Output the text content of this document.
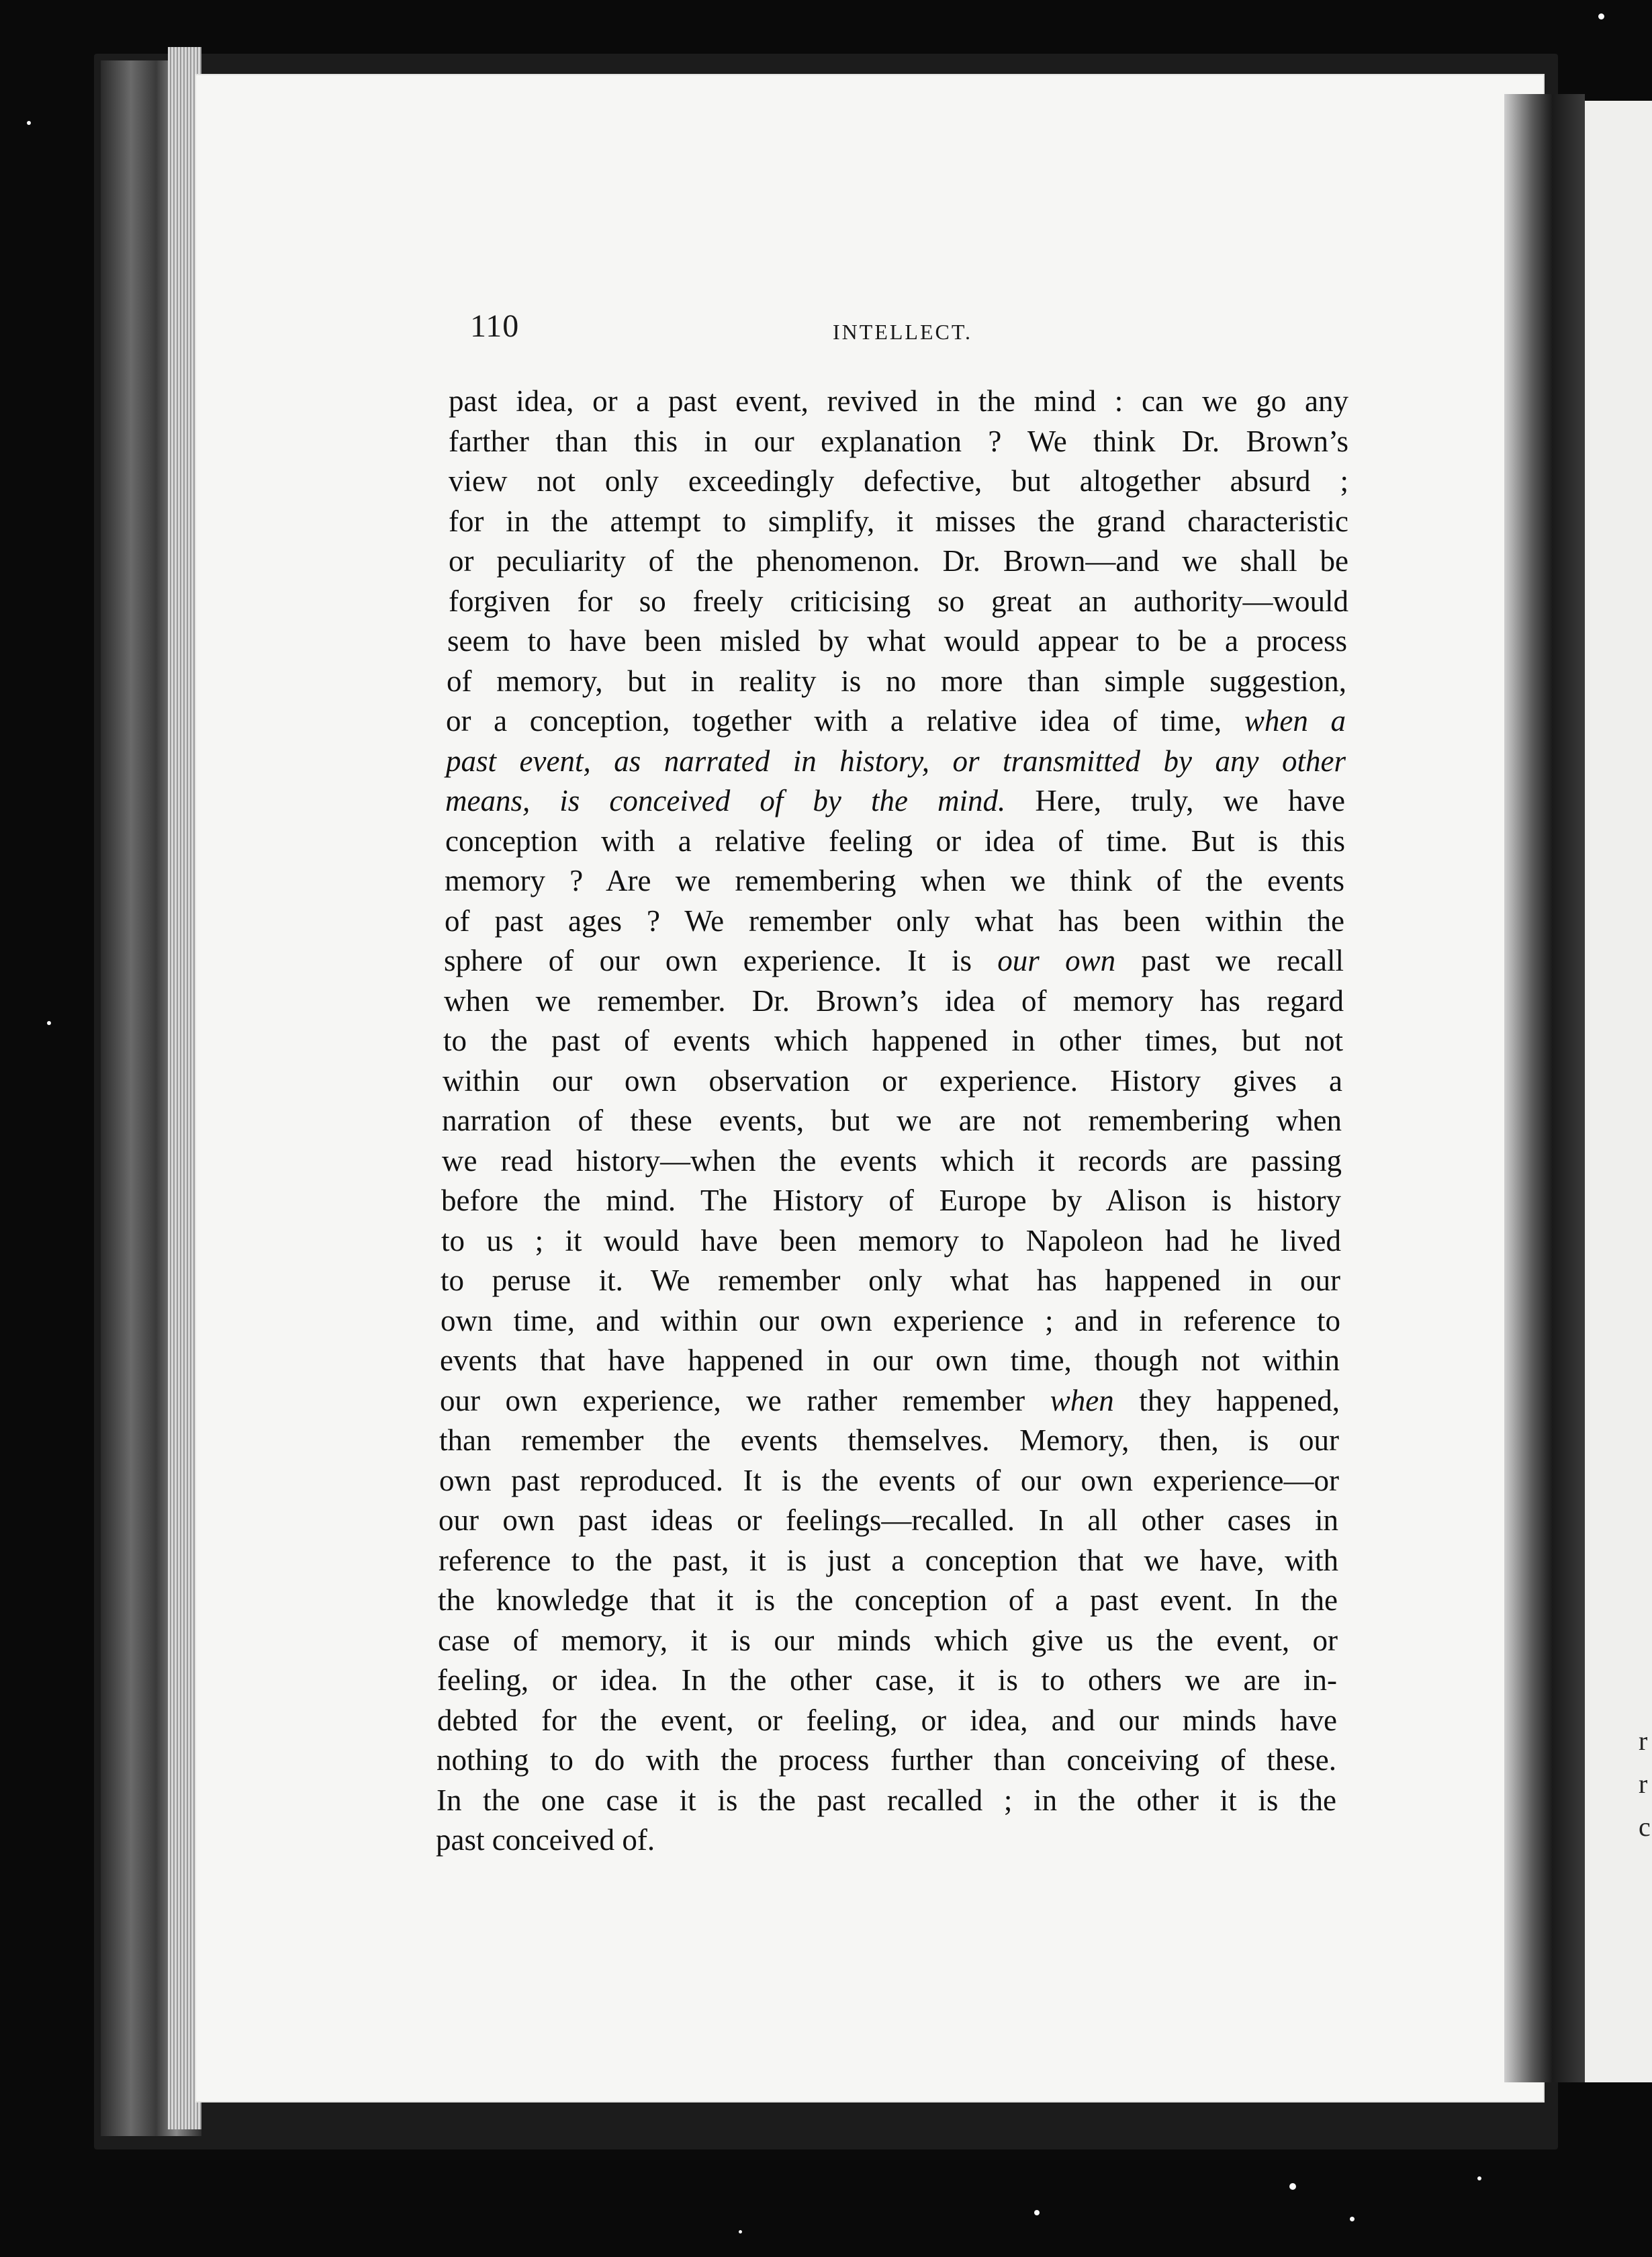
r
r
c
110	INTELLECT.
past idea, or a past event, revived in the mind : can we go any
farther than this in our explanation ? We think Dr. Brown’s
view not only exceedingly defective, but altogether absurd ;
for in the attempt to simplify, it misses the grand characteristic
or peculiarity of the phenomenon. Dr. Brown—and we shall be
forgiven for so freely criticising so great an authority—would
seem to have been misled by what would appear to be a process
of memory, but in reality is no more than simple suggestion,
or a conception, together with a relative idea of time, when a
past event, as narrated in history, or transmitted by any other
means, is conceived of by the mind. Here, truly, we have
conception with a relative feeling or idea of time. But is this
memory ? Are we remembering when we think of the events
of past ages ? We remember only what has been within the
sphere of our own experience. It is our own past we recall
when we remember. Dr. Brown’s idea of memory has regard
to the past of events which happened in other times, but not
within our own observation or experience. History gives a
narration of these events, but we are not remembering when
we read history—when the events which it records are passing
before the mind. The History of Europe by Alison is history
to us ; it would have been memory to Napoleon had he lived
to peruse it. We remember only what has happened in our
own time, and within our own experience ; and in reference to
events that have happened in our own time, though not within
our own experience, we rather remember when they happened,
than remember the events themselves. Memory, then, is our
own past reproduced. It is the events of our own experience—or
our own past ideas or feelings—recalled. In all other cases in
reference to the past, it is just a conception that we have, with
the knowledge that it is the conception of a past event. In the
case of memory, it is our minds which give us the event, or
feeling, or idea. In the other case, it is to others we are in-
debted for the event, or feeling, or idea, and our minds have
nothing to do with the process further than conceiving of these.
In the one case it is the past recalled ; in the other it is the
past conceived of.
